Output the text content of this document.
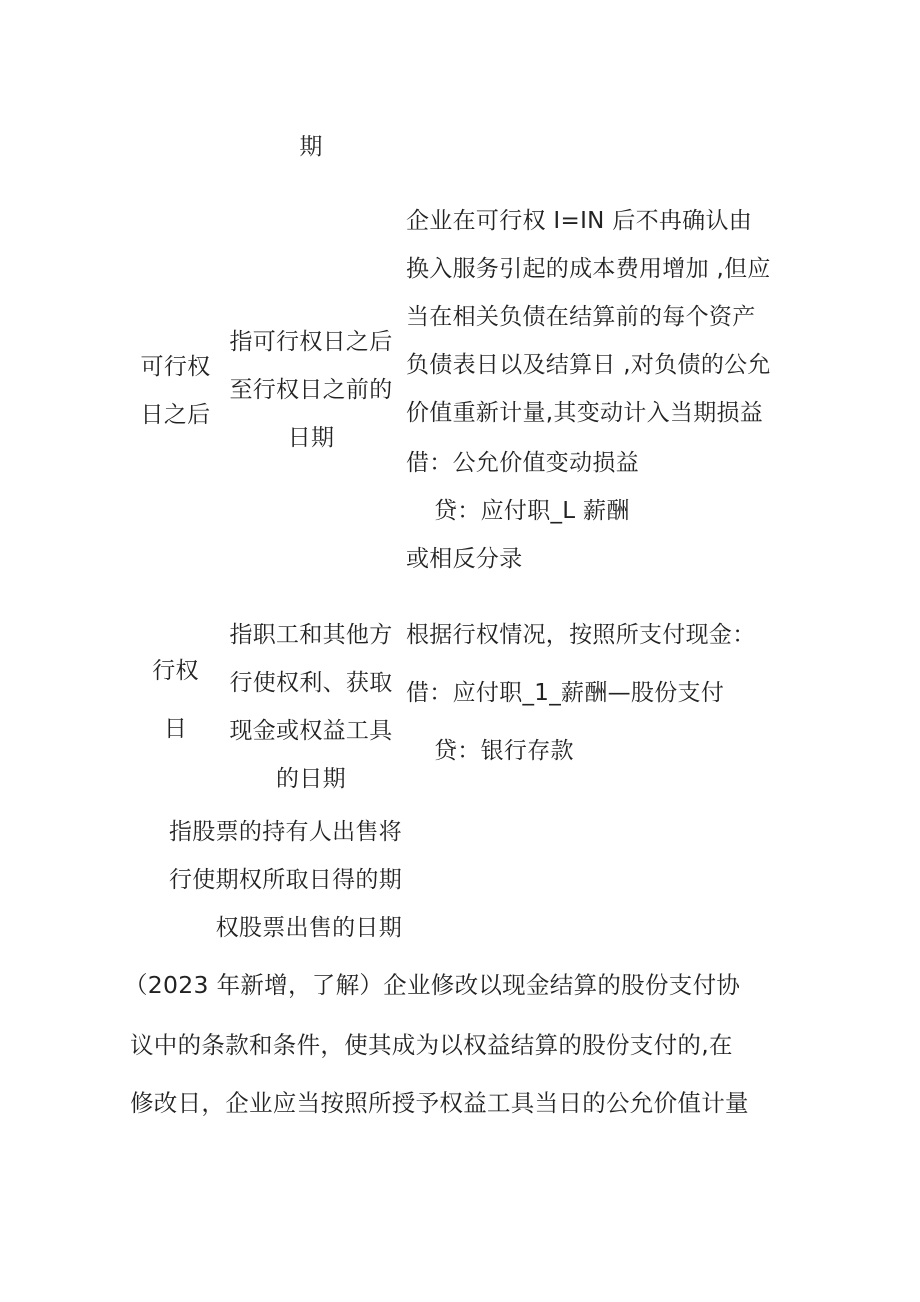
期
可行权
日之后
指可行权日之后
至行权日之前的
日期
企业在可行权 I=IN 后不冉确认由
换入服务引起的成本费用增加 ,但应
当在相关负债在结算前的每个资产
负债表日以及结算日 ,对负债的公允
价值重新计量,其变动计入当期损益
借：公允价值变动损益
贷：应付职_L 薪酬
或相反分录
行权
日
指职工和其他方
行使权利、获取
现金或权益工具
的日期
根据行权情况，按照所支付现金：
借：应付职_1_薪酬—股份支付
贷：银行存款
指股票的持有人出售将
行使期权所取日得的期
权股票出售的日期
（2023 年新增，了解）企业修改以现金结算的股份支付协
议中的条款和条件，使其成为以权益结算的股份支付的,在
修改日，企业应当按照所授予权益工具当日的公允价值计量
